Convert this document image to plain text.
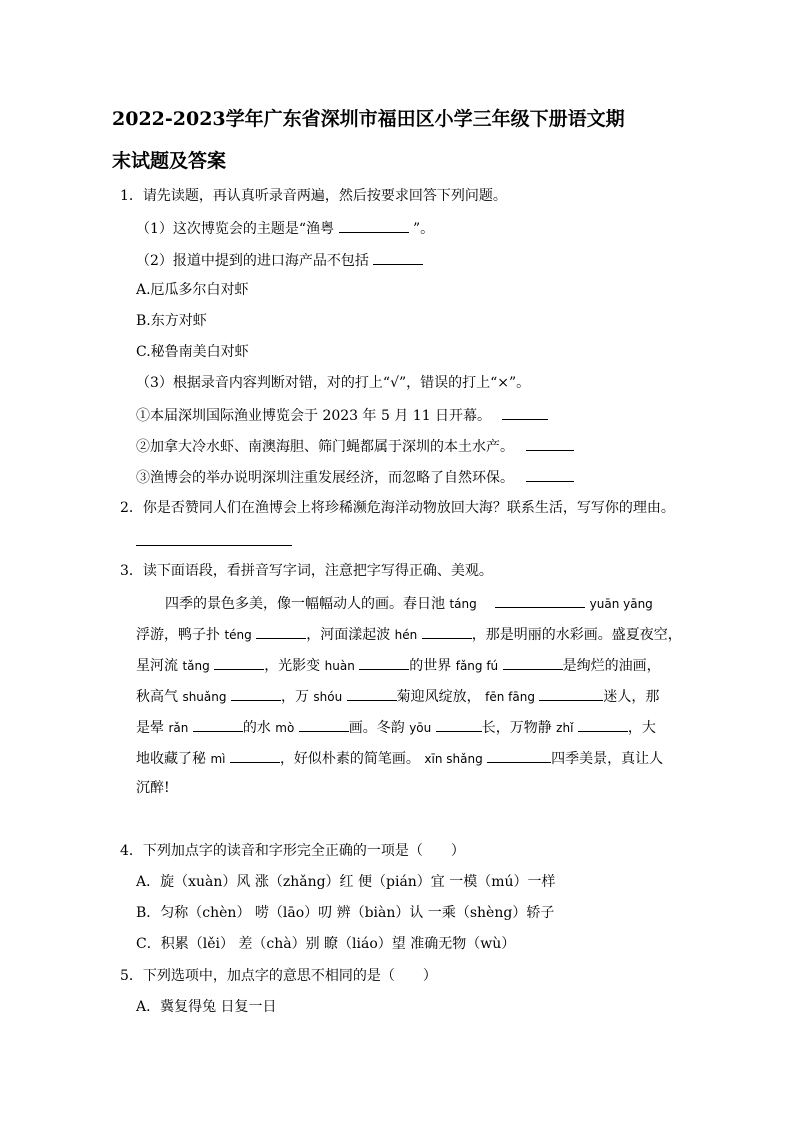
2022-2023学年广东省深圳市福田区小学三年级下册语文期
末试题及答案
1．请先读题，再认真听录音两遍，然后按要求回答下列问题。
（1）这次博览会的主题是“渔粤	”。
（2）报道中提到的进口海产品不包括
A.厄瓜多尔白对虾
B.东方对虾
C.秘鲁南美白对虾
（3）根据录音内容判断对错，对的打上“√”，错误的打上“×”。
①本届深圳国际渔业博览会于 2023 年 5 月 11 日开幕。
②加拿大冷水虾、南澳海胆、筛门蝇都属于深圳的本土水产。
③渔博会的举办说明深圳注重发展经济，而忽略了自然环保。
2．你是否赞同人们在渔博会上将珍稀濒危海洋动物放回大海？联系生活，写写你的理由。
3．读下面语段，看拼音写字词，注意把字写得正确、美观。
四季的景色多美，像一幅幅动人的画。春日池 táng	yuān yāng
浮游，鸭子扑 téng	，河面漾起波 hén	，那是明丽的水彩画。盛夏夜空，
星河流 tǎng	，光影变 huàn	的世界 fǎng fú	是绚烂的油画，
秋高气 shuǎng	，万 shóu	菊迎风绽放， fēn fāng	迷人，那
是晕 rǎn	的水 mò	画。冬韵 yōu	长，万物静 zhǐ	，大
地收藏了秘 mì	，好似朴素的简笔画。 xīn shǎng	四季美景，真让人
沉醉!
4．下列加点字的读音和字形完全正确的一项是（　　）
A．旋（xuàn）风 涨（zhǎng）红 便（pián）宜 一模（mú）一样
B．匀称（chèn） 唠（lāo）叨 辨（biàn）认 一乘（shèng）轿子
C．积累（lěi） 差（chà）别 瞭（liáo）望 准确无物（wù）
5．下列选项中，加点字的意思不相同的是（　　）
A．冀复得兔 日复一日
